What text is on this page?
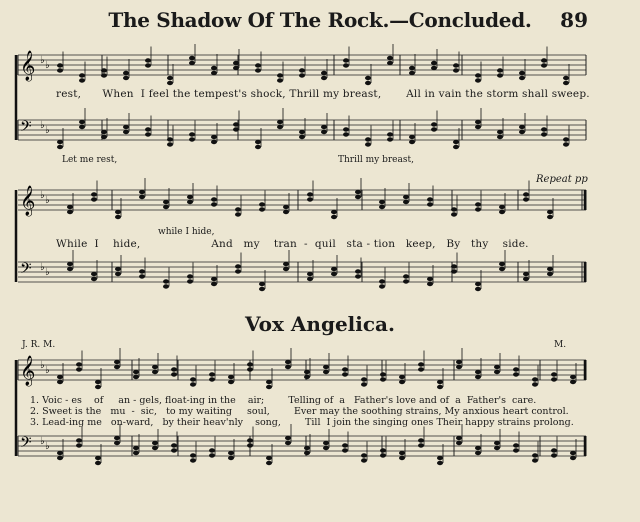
The Shadow Of The Rock.—Concluded.	89
𝄞 ♭ ♭
𝄢 ♭ ♭
𝄞 ♭ ♭
𝄢 ♭ ♭
𝄞 ♭ ♭
𝄢 ♭ ♭
rest,      When  I feel the tempest's shock, Thrill my breast,       All in vain the storm shall sweep.
Let me rest,	Thrill my breast,
Repeat pp
while I hide,
While  I    hide,                    And   my    tran  -  quil   sta - tion   keep,   By   thy    side.
Vox Angelica.
J. R. M.	M.
1. Voic - es    of     an - gels, float-ing in the    air;        Telling of  a   Father's love and of  a  Father's  care.
2. Sweet is the   mu  -  sic,   to my waiting     soul,        Ever may the soothing strains, My anxious heart control.
3. Lead-ing me   on-ward,   by their heav'nly    song,        Till  I join the singing ones Their happy strains prolong.
